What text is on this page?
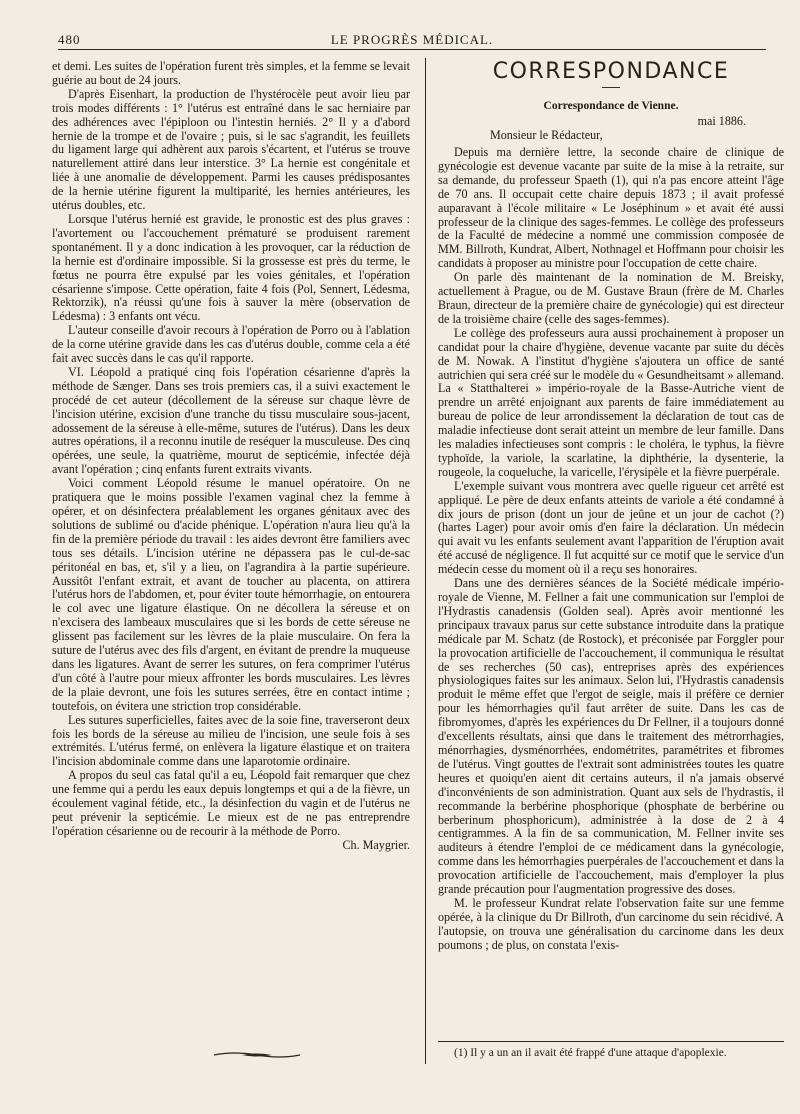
480	LE PROGRÈS MÉDICAL.

et demi. Les suites de l'opération furent très simples, et la femme se levait guérie au bout de 24 jours.

D'après Eisenhart, la production de l'hystérocèle peut avoir lieu par trois modes différents : 1° l'utérus est entraîné dans le sac herniaire par des adhérences avec l'épiploon ou l'intestin herniés. 2° Il y a d'abord hernie de la trompe et de l'ovaire ; puis, si le sac s'agrandit, les feuillets du ligament large qui adhèrent aux parois s'écartent, et l'utérus se trouve naturellement attiré dans leur interstice. 3° La hernie est congénitale et liée à une anomalie de développement. Parmi les causes prédisposantes de la hernie utérine figurent la multiparité, les hernies antérieures, les utérus doubles, etc.

Lorsque l'utérus hernié est gravide, le pronostic est des plus graves : l'avortement ou l'accouchement prématuré se produisent rarement spontanément. Il y a donc indication à les provoquer, car la réduction de la hernie est d'ordinaire impossible. Si la grossesse est près du terme, le fœtus ne pourra être expulsé par les voies génitales, et l'opération césarienne s'impose. Cette opération, faite 4 fois (Pol, Sennert, Lédesma, Rektorzik), n'a réussi qu'une fois à sauver la mère (observation de Lédesma) : 3 enfants ont vécu.

L'auteur conseille d'avoir recours à l'opération de Porro ou à l'ablation de la corne utérine gravide dans les cas d'utérus double, comme cela a été fait avec succès dans le cas qu'il rapporte.

VI. Léopold a pratiqué cinq fois l'opération césarienne d'après la méthode de Sænger. Dans ses trois premiers cas, il a suivi exactement le procédé de cet auteur (décollement de la séreuse sur chaque lèvre de l'incision utérine, excision d'une tranche du tissu musculaire sous-jacent, adossement de la séreuse à elle-même, sutures de l'utérus). Dans les deux autres opérations, il a reconnu inutile de reséquer la musculeuse. Des cinq opérées, une seule, la quatrième, mourut de septicémie, infectée déjà avant l'opération ; cinq enfants furent extraits vivants.

Voici comment Léopold résume le manuel opératoire. On ne pratiquera que le moins possible l'examen vaginal chez la femme à opérer, et on désinfectera préalablement les organes génitaux avec des solutions de sublimé ou d'acide phénique. L'opération n'aura lieu qu'à la fin de la première période du travail : les aides devront être familiers avec tous ses détails. L'incision utérine ne dépassera pas le cul-de-sac péritonéal en bas, et, s'il y a lieu, on l'agrandira à la partie supérieure. Aussitôt l'enfant extrait, et avant de toucher au placenta, on attirera l'utérus hors de l'abdomen, et, pour éviter toute hémorrhagie, on entourera le col avec une ligature élastique. On ne décollera la séreuse et on n'excisera des lambeaux musculaires que si les bords de cette séreuse ne glissent pas facilement sur les lèvres de la plaie musculaire. On fera la suture de l'utérus avec des fils d'argent, en évitant de prendre la muqueuse dans les ligatures. Avant de serrer les sutures, on fera comprimer l'utérus d'un côté à l'autre pour mieux affronter les bords musculaires. Les lèvres de la plaie devront, une fois les sutures serrées, être en contact intime ; toutefois, on évitera une striction trop considérable.

Les sutures superficielles, faites avec de la soie fine, traverseront deux fois les bords de la séreuse au milieu de l'incision, une seule fois à ses extrémités. L'utérus fermé, on enlèvera la ligature élastique et on traitera l'incision abdominale comme dans une laparotomie ordinaire.

A propos du seul cas fatal qu'il a eu, Léopold fait remarquer que chez une femme qui a perdu les eaux depuis longtemps et qui a de la fièvre, un écoulement vaginal fétide, etc., la désinfection du vagin et de l'utérus ne peut prévenir la septicémie. Le mieux est de ne pas entreprendre l'opération césarienne ou de recourir à la méthode de Porro.

Ch. Maygrier.
CORRESPONDANCE
Correspondance de Vienne.
mai 1886.
Monsieur le Rédacteur,

Depuis ma dernière lettre, la seconde chaire de clinique de gynécologie est devenue vacante par suite de la mise à la retraite, sur sa demande, du professeur Spaeth (1), qui n'a pas encore atteint l'âge de 70 ans. Il occupait cette chaire depuis 1873 ; il avait professé auparavant à l'école militaire « Le Joséphinum » et avait été aussi professeur de la clinique des sages-femmes. Le collège des professeurs de la Faculté de médecine a nommé une commission composée de MM. Billroth, Kundrat, Albert, Nothnagel et Hoffmann pour choisir les candidats à proposer au ministre pour l'occupation de cette chaire.

On parle dès maintenant de la nomination de M. Breisky, actuellement à Prague, ou de M. Gustave Braun (frère de M. Charles Braun, directeur de la première chaire de gynécologie) qui est directeur de la troisième chaire (celle des sages-femmes).

Le collège des professeurs aura aussi prochainement à proposer un candidat pour la chaire d'hygiène, devenue vacante par suite du décès de M. Nowak. A l'institut d'hygiène s'ajoutera un office de santé autrichien qui sera créé sur le modèle du « Gesundheitsamt » allemand. La « Statthalterei » império-royale de la Basse-Autriche vient de prendre un arrêté enjoignant aux parents de faire immédiatement au bureau de police de leur arrondissement la déclaration de tout cas de maladie infectieuse dont serait atteint un membre de leur famille. Dans les maladies infectieuses sont compris : le choléra, le typhus, la fièvre typhoïde, la variole, la scarlatine, la diphthérie, la dysenterie, la rougeole, la coqueluche, la varicelle, l'érysipèle et la fièvre puerpérale.

L'exemple suivant vous montrera avec quelle rigueur cet arrêté est appliqué. Le père de deux enfants atteints de variole a été condamné à dix jours de prison (dont un jour de jeûne et un jour de cachot (?) (hartes Lager) pour avoir omis d'en faire la déclaration. Un médecin qui avait vu les enfants seulement avant l'apparition de l'éruption avait été accusé de négligence. Il fut acquitté sur ce motif que le service d'un médecin cesse du moment où il a reçu ses honoraires.

Dans une des dernières séances de la Société médicale império-royale de Vienne, M. Fellner a fait une communication sur l'emploi de l'Hydrastis canadensis (Golden seal). Après avoir mentionné les principaux travaux parus sur cette substance introduite dans la pratique médicale par M. Schatz (de Rostock), et préconisée par Forggler pour la provocation artificielle de l'accouchement, il communiqua le résultat de ses recherches (50 cas), entreprises après des expériences physiologiques faites sur les animaux. Selon lui, l'Hydrastis canadensis produit le même effet que l'ergot de seigle, mais il préfère ce dernier pour les hémorrhagies qu'il faut arrêter de suite. Dans les cas de fibromyomes, d'après les expériences du Dr Fellner, il a toujours donné d'excellents résultats, ainsi que dans le traitement des métrorrhagies, ménorrhagies, dysménorrhées, endométrites, paramétrites et fibromes de l'utérus. Vingt gouttes de l'extrait sont administrées toutes les quatre heures et quoiqu'en aient dit certains auteurs, il n'a jamais observé d'inconvénients de son administration. Quant aux sels de l'hydrastis, il recommande la berbérine phosphorique (phosphate de berbérine ou berberinum phosphoricum), administrée à la dose de 2 à 4 centigrammes. A la fin de sa communication, M. Fellner invite ses auditeurs à étendre l'emploi de ce médicament dans la gynécologie, comme dans les hémorrhagies puerpérales de l'accouchement et dans la provocation artificielle de l'accouchement, mais d'employer la plus grande précaution pour l'augmentation progressive des doses.

M. le professeur Kundrat relate l'observation faite sur une femme opérée, à la clinique du Dr Billroth, d'un carcinome du sein récidivé. A l'autopsie, on trouva une généralisation du carcinome dans les deux poumons ; de plus, on constata l'exis-

(1) Il y a un an il avait été frappé d'une attaque d'apoplexie.
